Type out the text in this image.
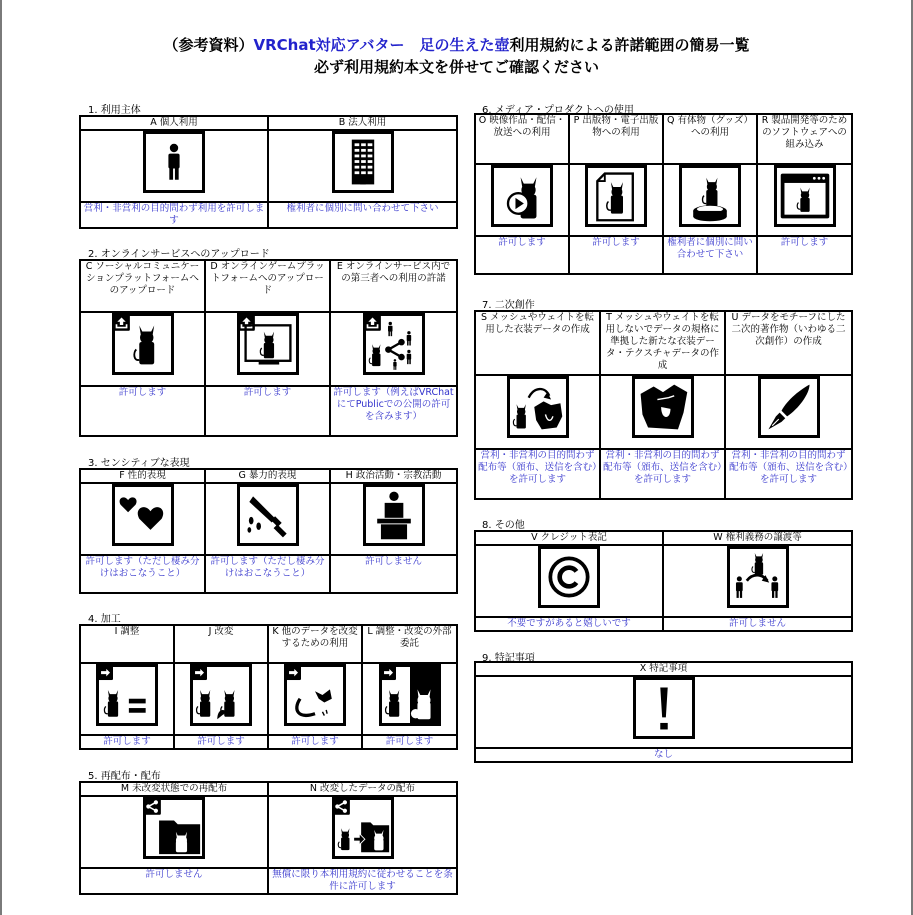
（参考資料）VRChat対応アバター　足の生えた壺利用規約による許諾範囲の簡易一覧
必ず利用規約本文を併せてご確認ください
1. 利用主体
A 個人利用	B 法人利用

営利・非営利の目的問わず利用を許可します	権利者に個別に問い合わせて下さい
2. オンラインサービスへのアップロード
C ソーシャルコミュニケーションプラットフォームへのアップロード	D オンラインゲームプラットフォームへのアップロード	E オンラインサービス内での第三者への利用の許諾

許可します	許可します	許可します（例えばVRChatにてPublicでの公開の許可を含みます）
3. センシティブな表現
F 性的表現	G 暴力的表現	H 政治活動・宗教活動

許可します（ただし棲み分けはおこなうこと）	許可します（ただし棲み分けはおこなうこと）	許可しません
4. 加工
I 調整	J 改変	K 他のデータを改変するための利用	L 調整・改変の外部委託

許可します	許可します	許可します	許可します
5. 再配布・配布
M 未改変状態での再配布	N 改変したデータの配布

許可しません	無償に限り本利用規約に従わせることを条件に許可します
6. メディア・プロダクトへの使用
O 映像作品・配信・放送への利用	P 出版物・電子出版物への利用	Q 有体物（グッズ）への利用	R 製品開発等のためのソフトウェアへの組み込み

許可します	許可します	権利者に個別に問い合わせて下さい	許可します
7. 二次創作
S メッシュやウェイトを転用した衣装データの作成	T メッシュやウェイトを転用しないでデータの規格に準拠した新たな衣装データ・テクスチャデータの作成	U データをモチーフにした二次的著作物（いわゆる二次創作）の作成

営利・非営利の目的問わず配布等（頒布、送信を含む）を許可します	営利・非営利の目的問わず配布等（頒布、送信を含む）を許可します	営利・非営利の目的問わず配布等（頒布、送信を含む）を許可します
8. その他
V クレジット表記	W 権利義務の譲渡等

不要ですがあると嬉しいです	許可しません
9. 特記事項
X 特記事項

なし
